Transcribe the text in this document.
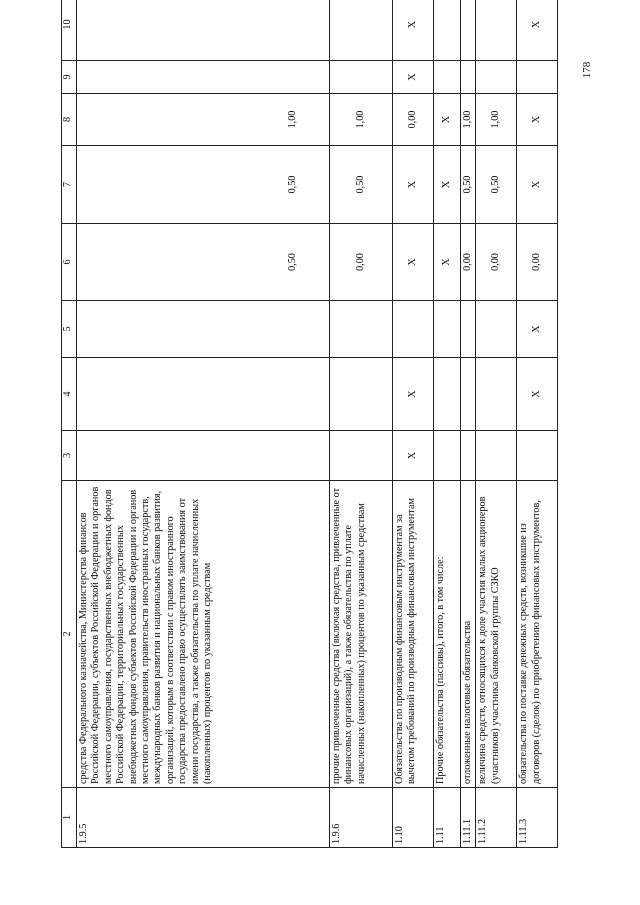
178
1	2	3	4	5	6	7	8	9	10		
1.9.5	средства Федерального казначейства, Министерства финансов Российской Федерации, субъектов Российской Федерации и органов местного самоуправления, государственных внебюджетных фондов Российской Федерации, территориальных государственных внебюджетных фондов субъектов Российской Федерации и органов местного самоуправления, правительств иностранных государств, международных банков развития и национальных банков развития, организаций, которым в соответствии с правом иностранного государства предоставлено право осуществлять заимствования от имени государства, а также обязательства по уплате начисленных (накопленных) процентов по указанным средствам				0,50	0,50	1,00				
1.9.6	прочие привлеченные средства (включая средства, привлеченные от финансовых организаций), а также обязательства по уплате начисленных (накопленных) процентов по указанным средствам				0,00	0,50	1,00				
1.10	Обязательства по производным финансовым инструментам за вычетом требований по производным финансовым инструментам	X	X		X	X	0,00	X	X		
1.11	Прочие обязательства (пассивы), итого, в том числе:				X	X	X				
1.11.1	отложенные налоговые обязательства				0,00	0,50	1,00				
1.11.2	величина средств, относящихся к доле участия малых акционеров (участников) участника банковской группы СЗКО				0,00	0,50	1,00				
1.11.3	обязательства по поставке денежных средств, возникшие из договоров (сделок) по приобретению финансовых инструментов,		X	X	0,00	X	X		X		
